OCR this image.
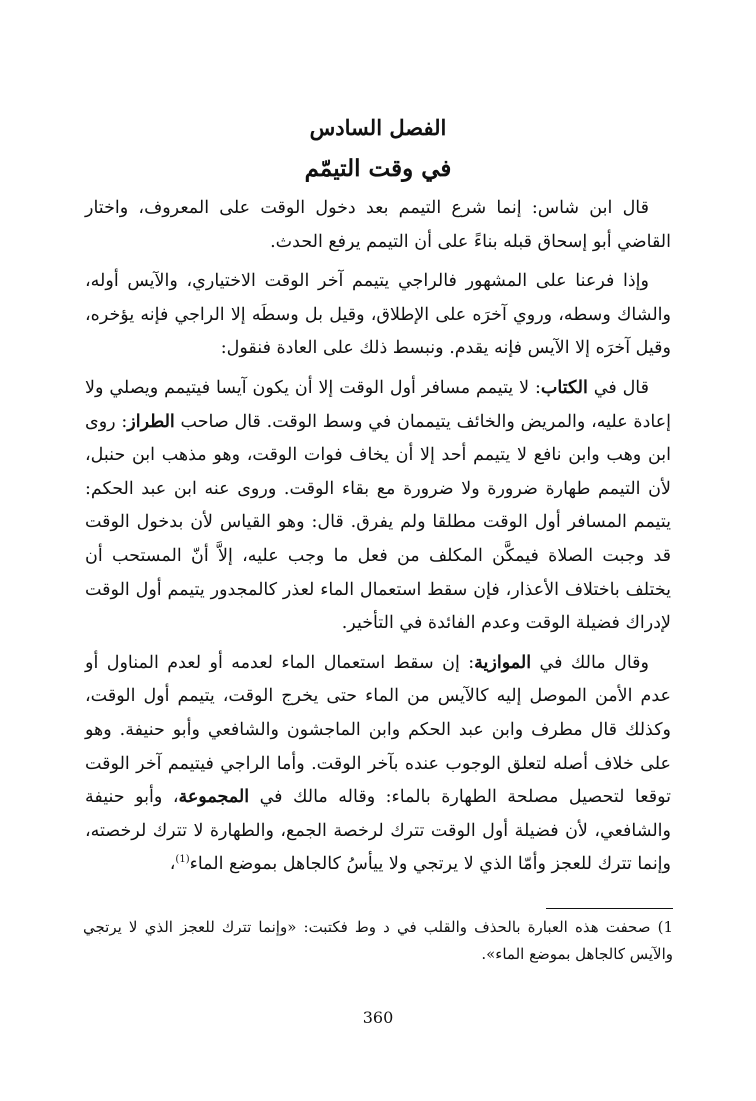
الفصل السادس
في وقت التيمّم

قال ابن شاس: إنما شرع التيمم بعد دخول الوقت على المعروف، واختار القاضي أبو إسحاق قبله بناءً على أن التيمم يرفع الحدث.

وإذا فرعنا على المشهور فالراجي يتيمم آخر الوقت الاختياري، والآيس أوله، والشاك وسطه، وروي آخرَه على الإطلاق، وقيل بل وسطَه إلا الراجي فإنه يؤخره، وقيل آخرَه إلا الآيس فإنه يقدم. ونبسط ذلك على العادة فنقول:

قال في الكتاب: لا يتيمم مسافر أول الوقت إلا أن يكون آيسا فيتيمم ويصلي ولا إعادة عليه، والمريض والخائف يتيممان في وسط الوقت. قال صاحب الطراز: روى ابن وهب وابن نافع لا يتيمم أحد إلا أن يخاف فوات الوقت، وهو مذهب ابن حنبل، لأن التيمم طهارة ضرورة ولا ضرورة مع بقاء الوقت. وروى عنه ابن عبد الحكم: يتيمم المسافر أول الوقت مطلقا ولم يفرق. قال: وهو القياس لأن بدخول الوقت قد وجبت الصلاة فيمكَّن المكلف من فعل ما وجب عليه، إلاَّ أنّ المستحب أن يختلف باختلاف الأعذار، فإن سقط استعمال الماء لعذر كالمجدور يتيمم أول الوقت لإدراك فضيلة الوقت وعدم الفائدة في التأخير.

وقال مالك في الموازية: إن سقط استعمال الماء لعدمه أو لعدم المناول أو عدم الأمن الموصل إليه كالآيس من الماء حتى يخرج الوقت، يتيمم أول الوقت، وكذلك قال مطرف وابن عبد الحكم وابن الماجشون والشافعي وأبو حنيفة. وهو على خلاف أصله لتعلق الوجوب عنده بآخر الوقت. وأما الراجي فيتيمم آخر الوقت توقعا لتحصيل مصلحة الطهارة بالماء: وقاله مالك في المجموعة، وأبو حنيفة والشافعي، لأن فضيلة أول الوقت تترك لرخصة الجمع، والطهارة لا تترك لرخصته، وإنما تترك للعجز وأمّا الذي لا يرتجي ولا ييأسُ كالجاهل بموضع الماء$^{(1)}$،

1) صحفت هذه العبارة بالحذف والقلب في د وط فكتبت: «وإنما تترك للعجز الذي لا يرتجي والآيس كالجاهل بموضع الماء».

360
